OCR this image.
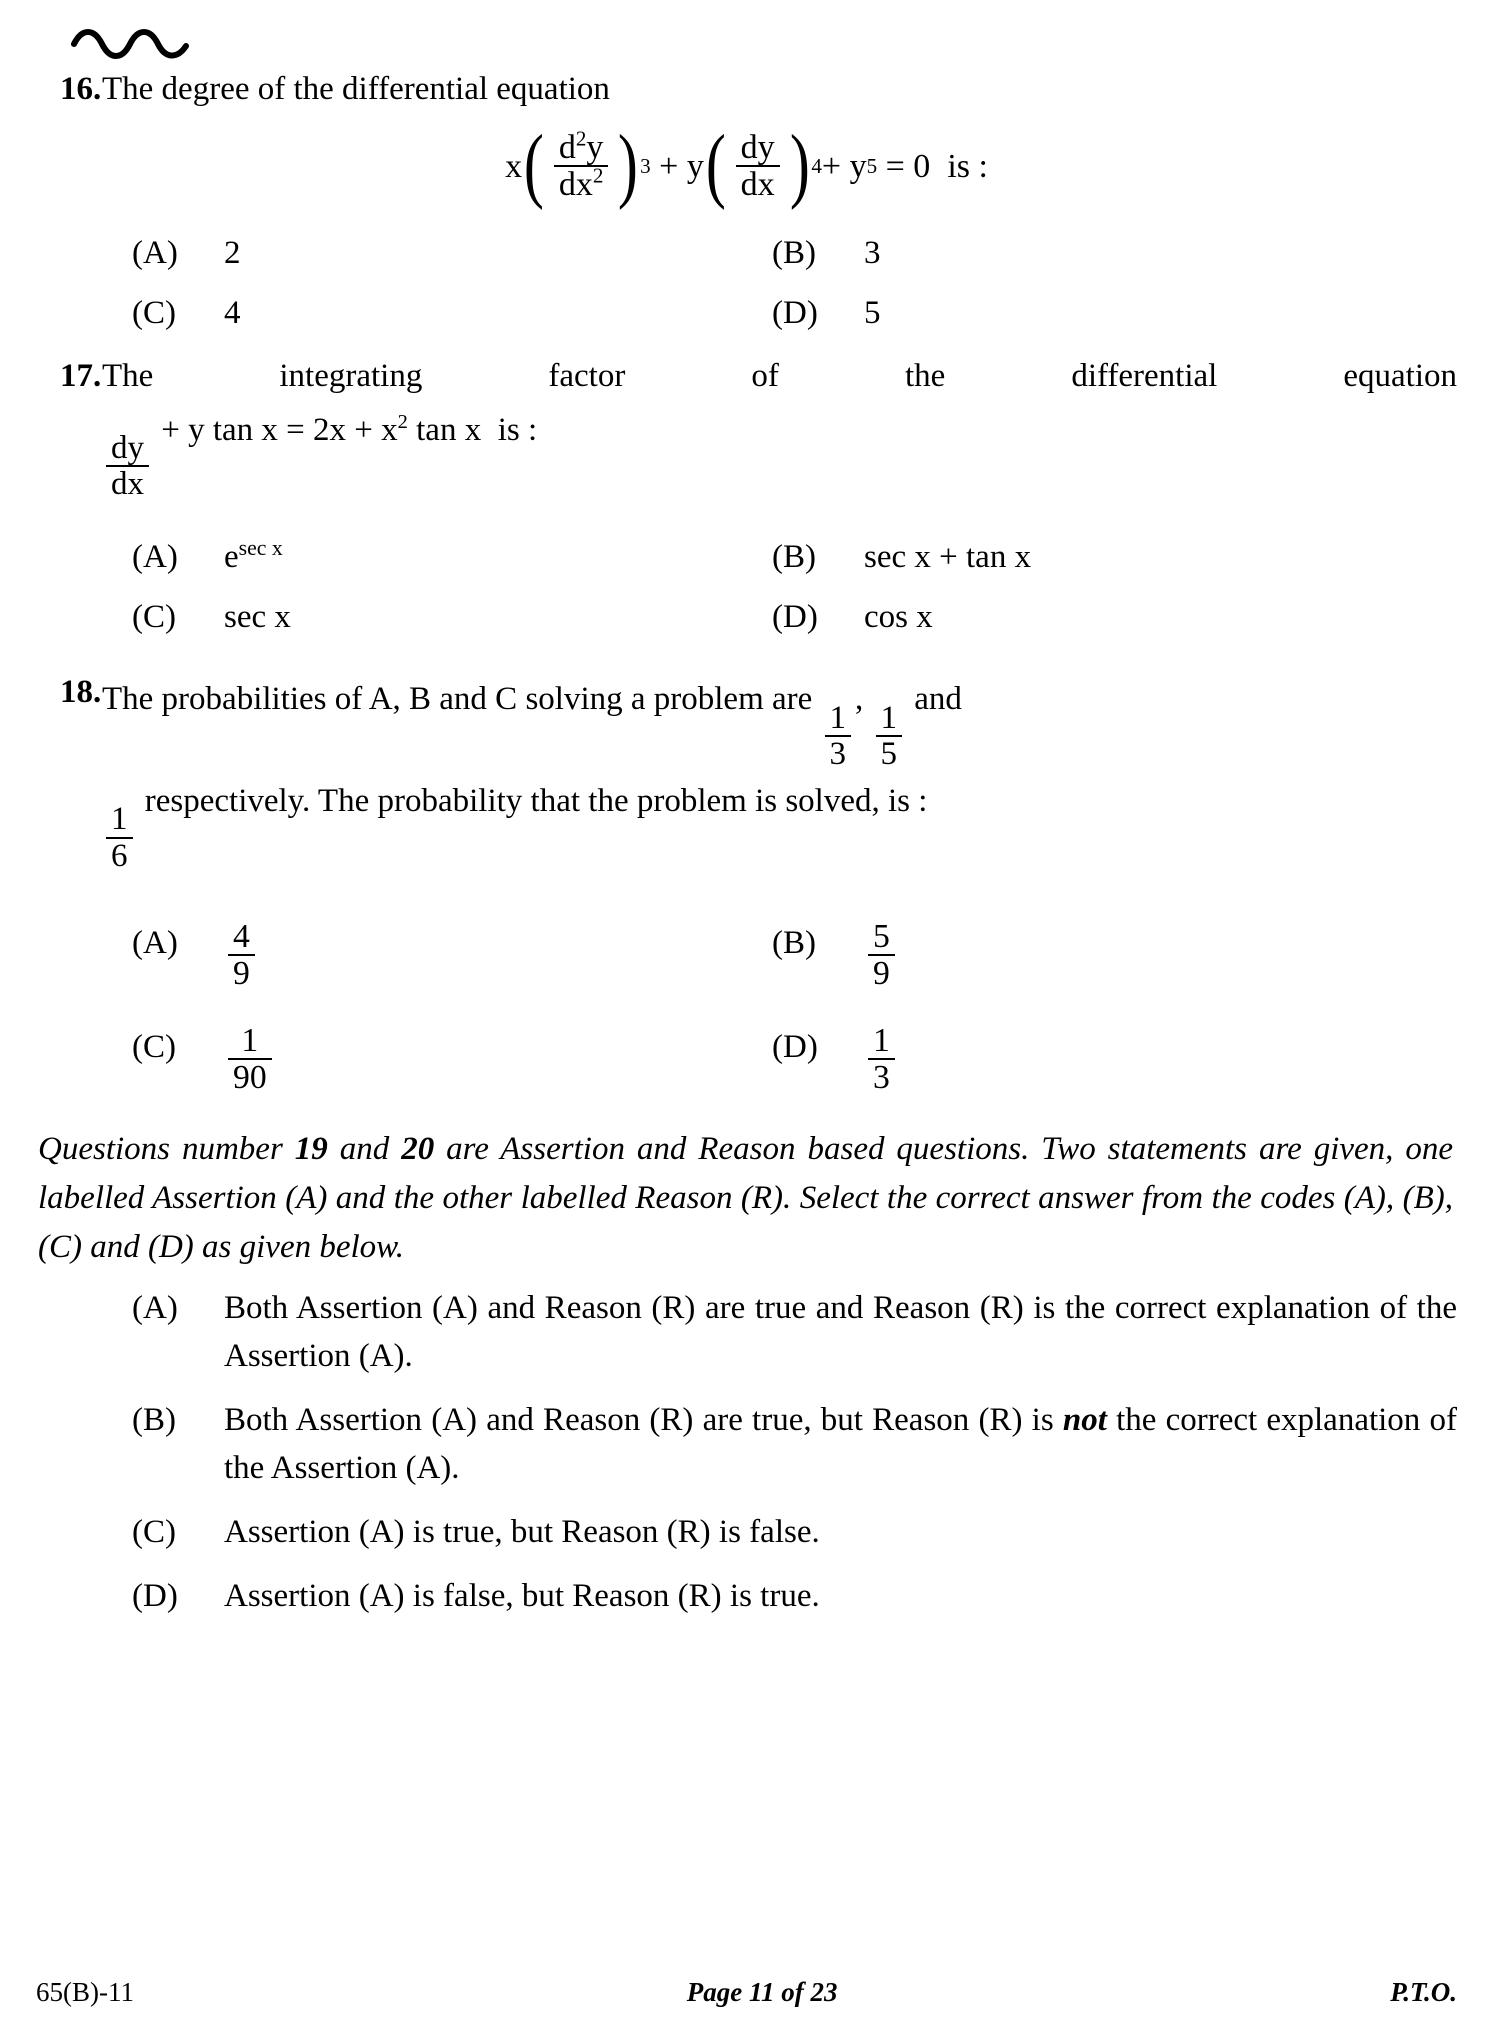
16. The degree of the differential equation
x ( $\frac{d^2y}{dx^2}$ ) 3
+
y ( $\frac{dy}{dx}$ ) 4 +
y 5
= 0
is :
(A)	2	(B)	3
(C)	4	(D)	5
17. The integrating factor of the differential equation
$\frac{dy}{dx}$
+ y $\tan x = 2x + x^2$ tan x is :
(A)	$e^{sec x}$	(B)	sec x + tan x
(C)	sec x	(D)	cos x
18. The probabilities of A, B and C solving a problem are
$\frac{1}{3}$
,
$\frac{1}{5}$
and

$\frac{1}{6}$
respectively. The probability that the problem is solved, is :
(A)	$\frac{4}{9}$	(B)	$\frac{5}{9}$
(C)	$\frac{1}{90}$	(D)	$\frac{1}{3}$
Questions number 19 and 20 are Assertion and Reason based questions. Two statements are given, one labelled Assertion (A) and the other labelled Reason (R). Select the correct answer from the codes (A), (B), (C) and (D) as given below.
(A)	Both Assertion (A) and Reason (R) are true and Reason (R) is the correct explanation of the Assertion (A).
(B)	Both Assertion (A) and Reason (R) are true, but Reason (R) is not the correct explanation of the Assertion (A).
(C)	Assertion (A) is true, but Reason (R) is false.
(D)	Assertion (A) is false, but Reason (R) is true.
65(B)-11	Page 11 of 23	P.T.O.
